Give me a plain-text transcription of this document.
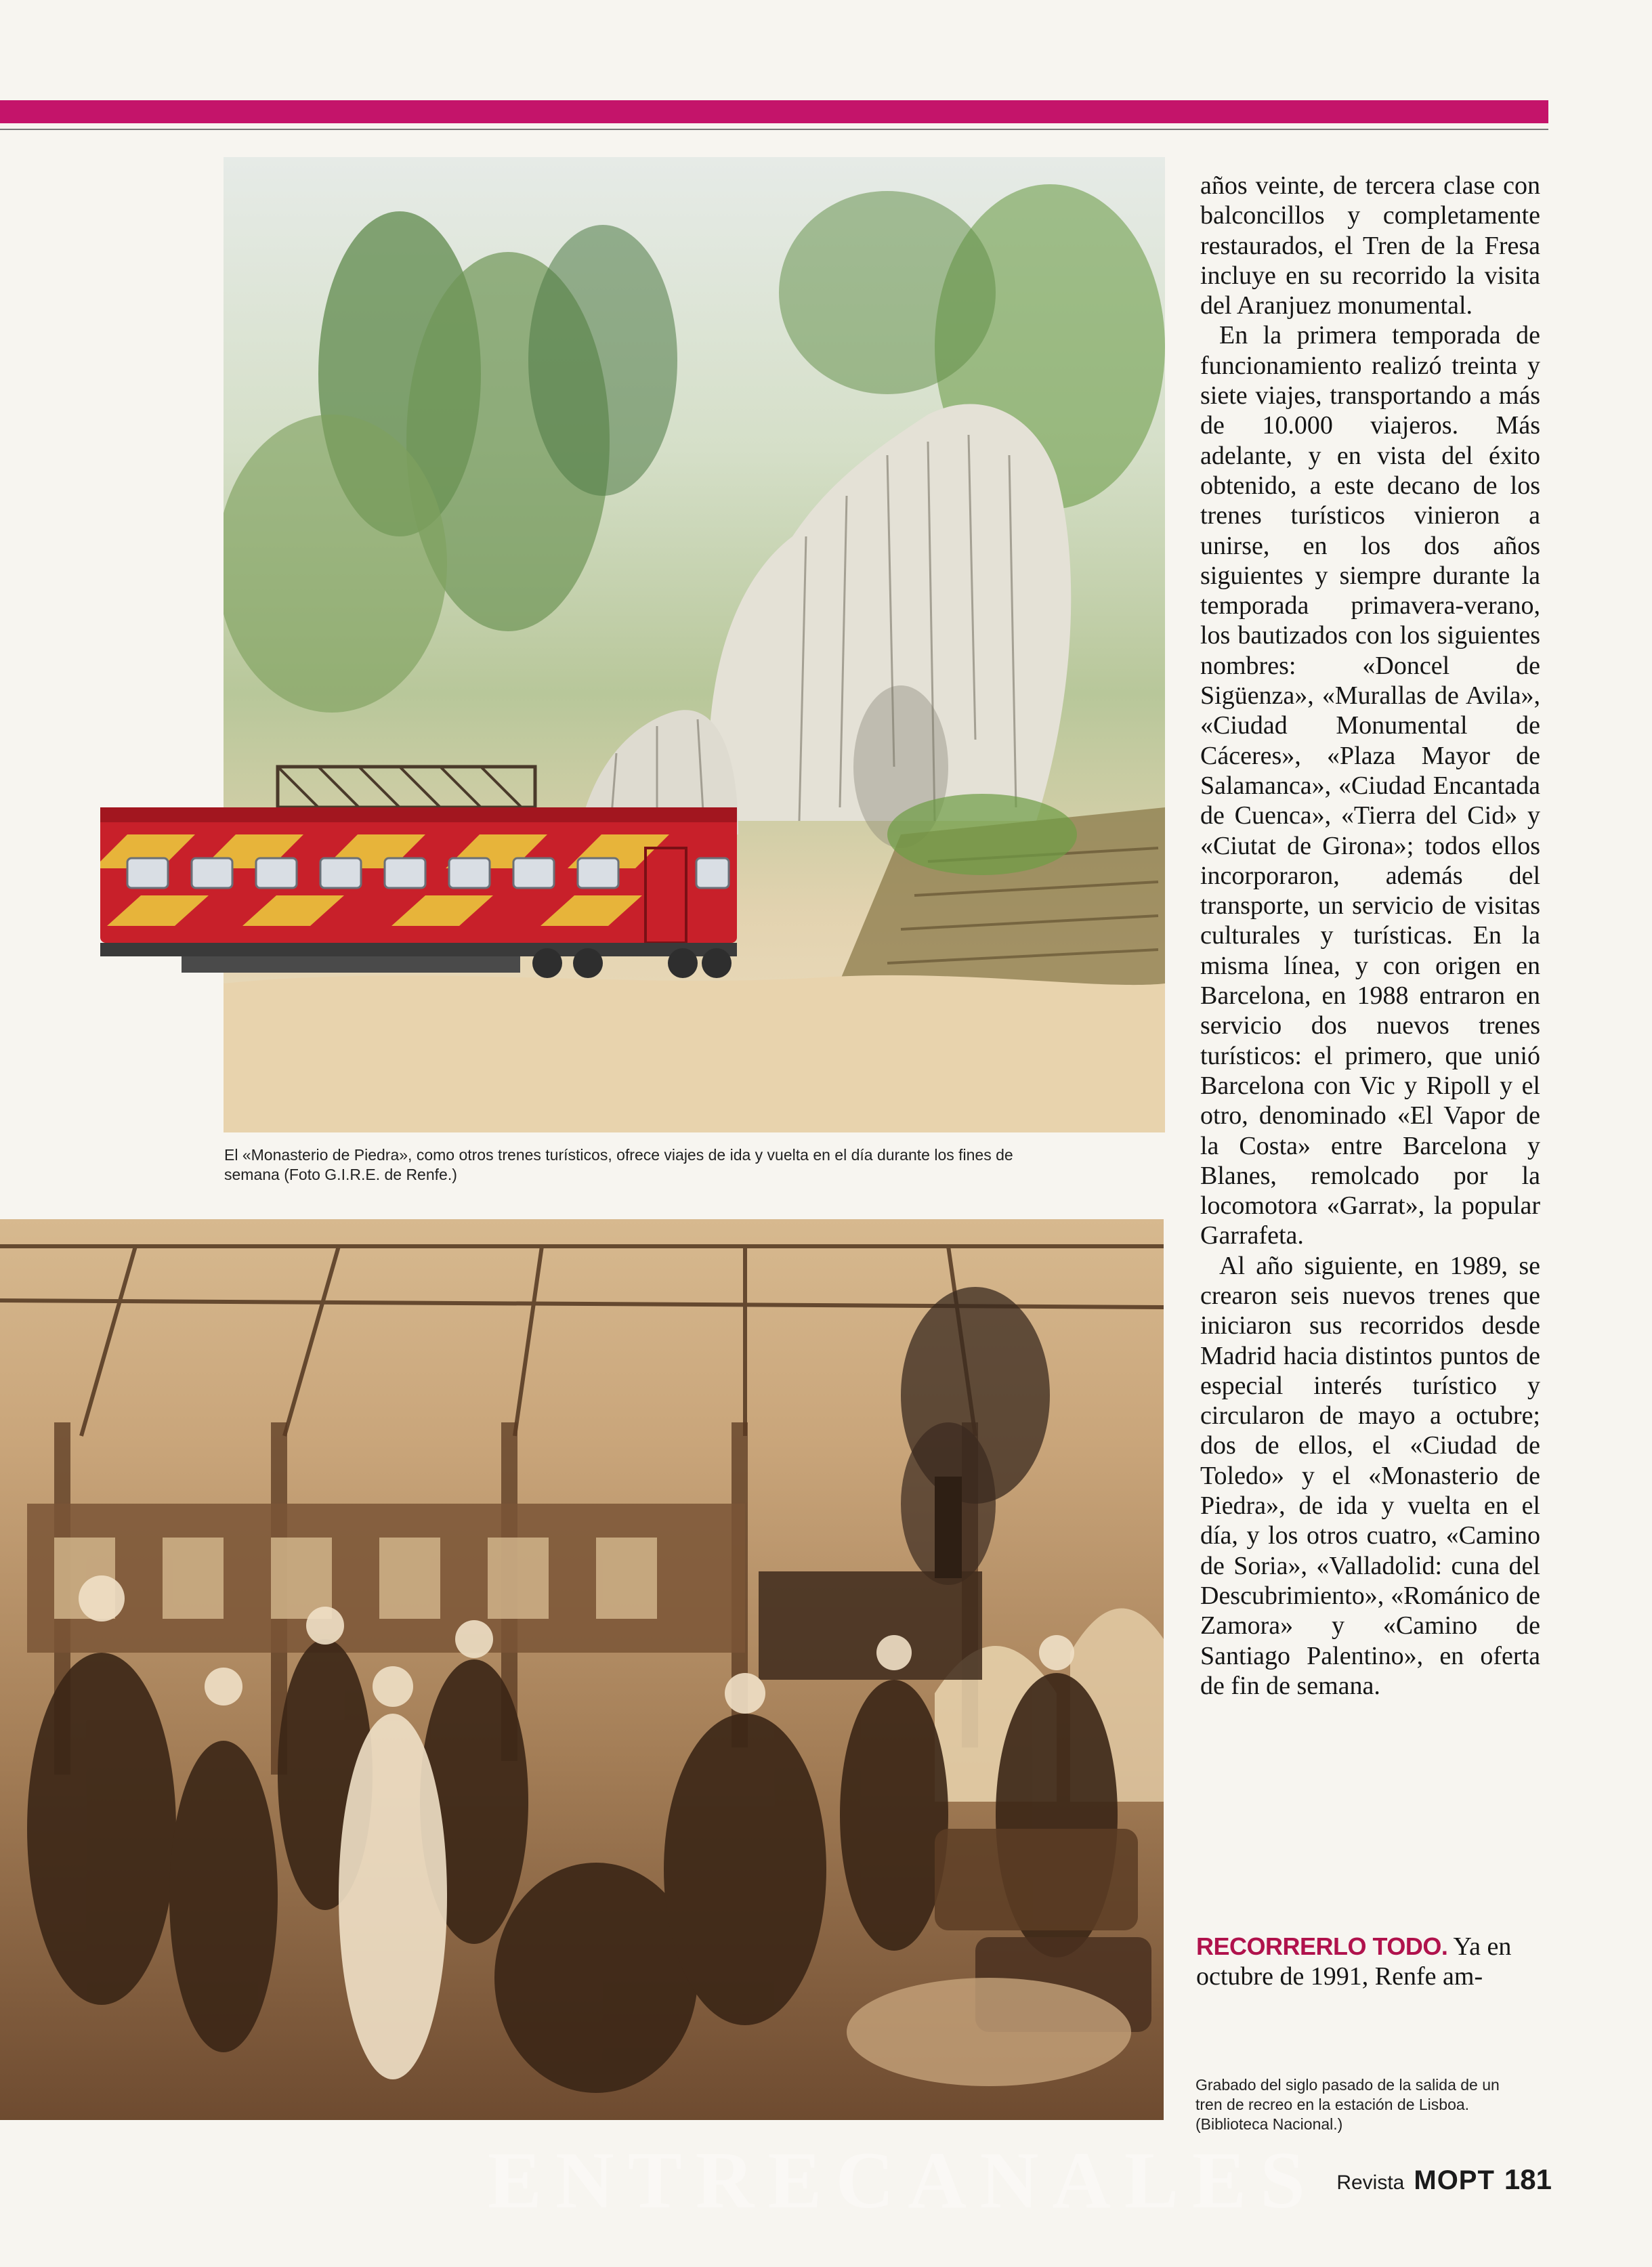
El «Monasterio de Piedra», como otros trenes turísticos, ofrece viajes de ida y vuelta en el día durante los fines de semana (Foto G.I.R.E. de Renfe.)
Grabado del siglo pasado de la salida de un tren de recreo en la estación de Lisboa. (Biblioteca Nacional.)

años veinte, de tercera clase con balconcillos y completamente restaurados, el Tren de la Fresa incluye en su recorrido la visita del Aranjuez monumental.

En la primera temporada de funcionamiento realizó treinta y siete viajes, transportando a más de 10.000 viajeros. Más adelante, y en vista del éxito obtenido, a este decano de los trenes turísticos vinieron a unirse, en los dos años siguientes y siempre durante la temporada primavera-verano, los bautizados con los siguientes nombres: «Doncel de Sigüenza», «Murallas de Avila», «Ciudad Monumental de Cáceres», «Plaza Mayor de Salamanca», «Ciudad Encantada de Cuenca», «Tierra del Cid» y «Ciutat de Girona»; todos ellos incorporaron, además del transporte, un servicio de visitas culturales y turísticas. En la misma línea, y con origen en Barcelona, en 1988 entraron en servicio dos nuevos trenes turísticos: el primero, que unió Barcelona con Vic y Ripoll y el otro, denominado «El Vapor de la Costa» entre Barcelona y Blanes, remolcado por la locomotora «Garrat», la popular Garrafeta.

Al año siguiente, en 1989, se crearon seis nuevos trenes que iniciaron sus recorridos desde Madrid hacia distintos puntos de especial interés turístico y circularon de mayo a octubre; dos de ellos, el «Ciudad de Toledo» y el «Monasterio de Piedra», de ida y vuelta en el día, y los otros cuatro, «Camino de Soria», «Valladolid: cuna del Descubrimiento», «Románico de Zamora» y «Camino de Santiago Palentino», en oferta de fin de semana.

RECORRERLO TODO. Ya en octubre de 1991, Renfe am-
ENTRECANALES Revista MOPT 181
